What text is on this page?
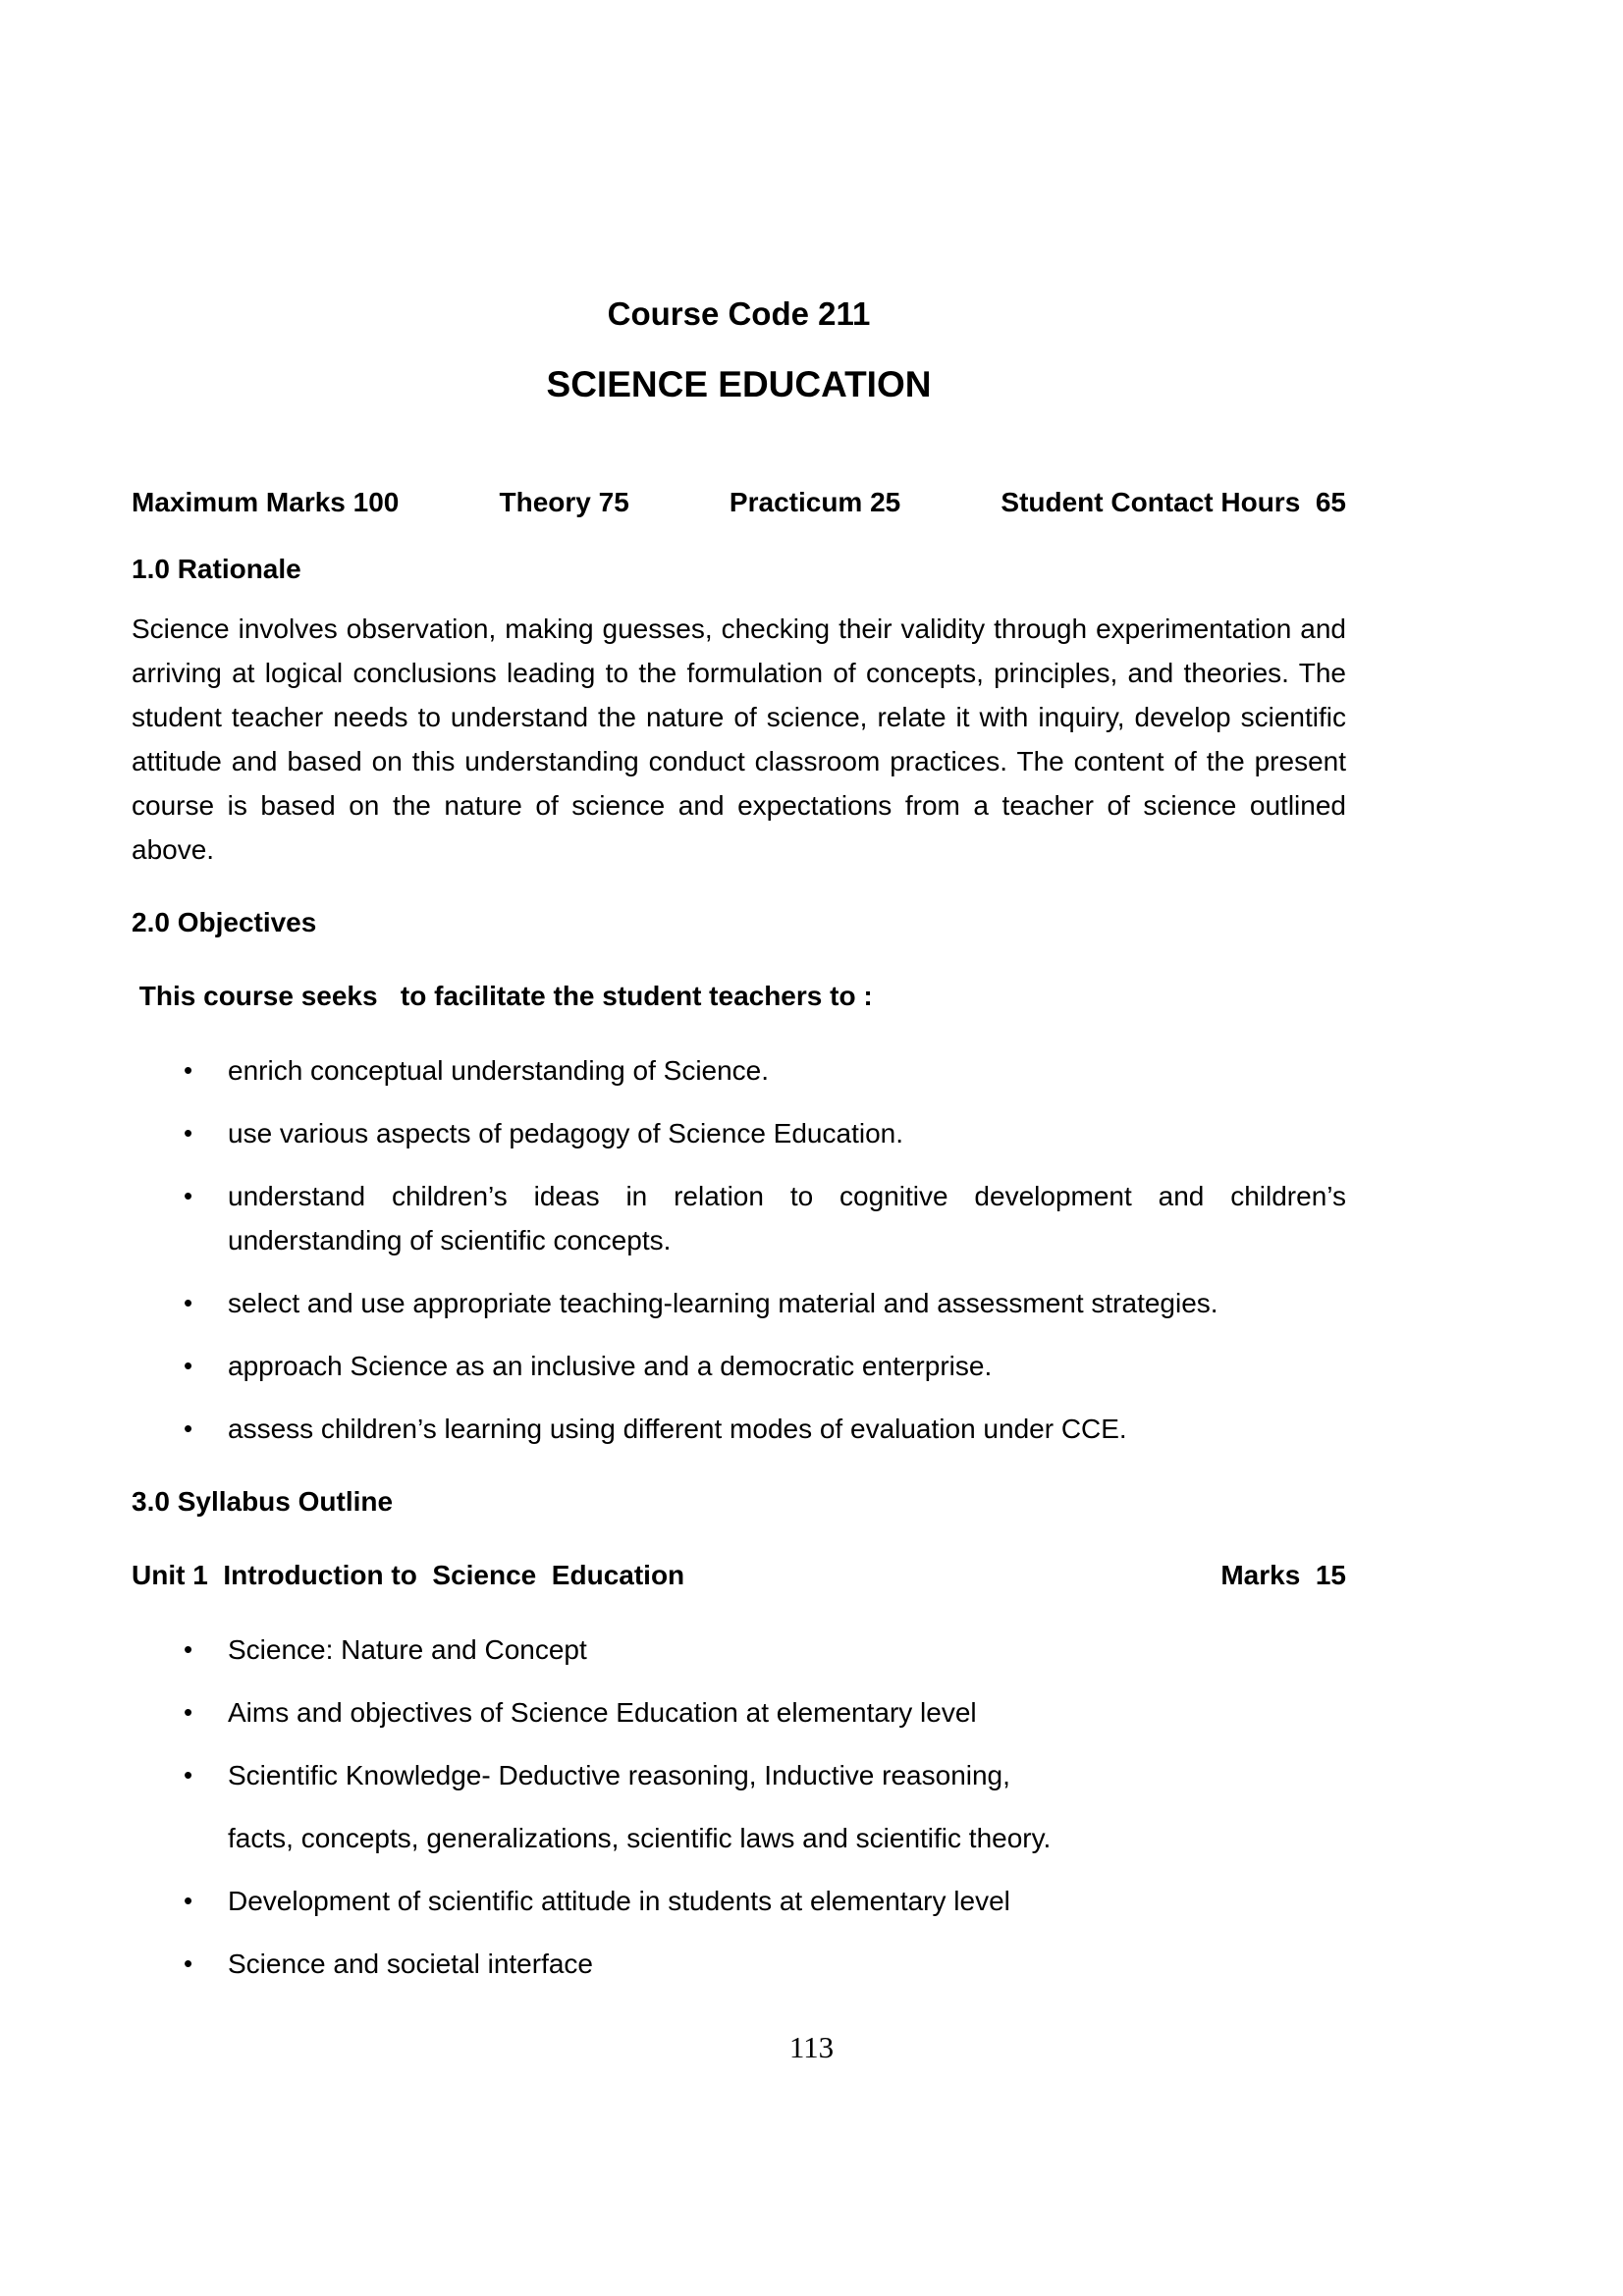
Course Code 211
SCIENCE EDUCATION
Maximum Marks 100	Theory 75	Practicum 25	Student Contact Hours  65
1.0 Rationale
Science involves observation, making guesses, checking their validity through experimentation and arriving at logical conclusions leading to the formulation of concepts, principles, and theories. The student teacher needs to understand the nature of science, relate it with inquiry, develop scientific attitude and based on this understanding conduct classroom practices. The content of the present course is based on the nature of science and expectations from a teacher of science outlined above.
2.0 Objectives
This course seeks   to facilitate the student teachers to :
• enrich conceptual understanding of Science.
• use various aspects of pedagogy of Science Education.
• understand children’s ideas in relation to cognitive development and children’s understanding of scientific concepts.
• select and use appropriate teaching-learning material and assessment strategies.
• approach Science as an inclusive and a democratic enterprise.
• assess children’s learning using different modes of evaluation under CCE.
3.0 Syllabus Outline
Unit 1  Introduction to  Science  Education	Marks  15
• Science: Nature and Concept
• Aims and objectives of Science Education at elementary level
• Scientific Knowledge- Deductive reasoning, Inductive reasoning,
facts, concepts, generalizations, scientific laws and scientific theory.
• Development of scientific attitude in students at elementary level
• Science and societal interface
113
